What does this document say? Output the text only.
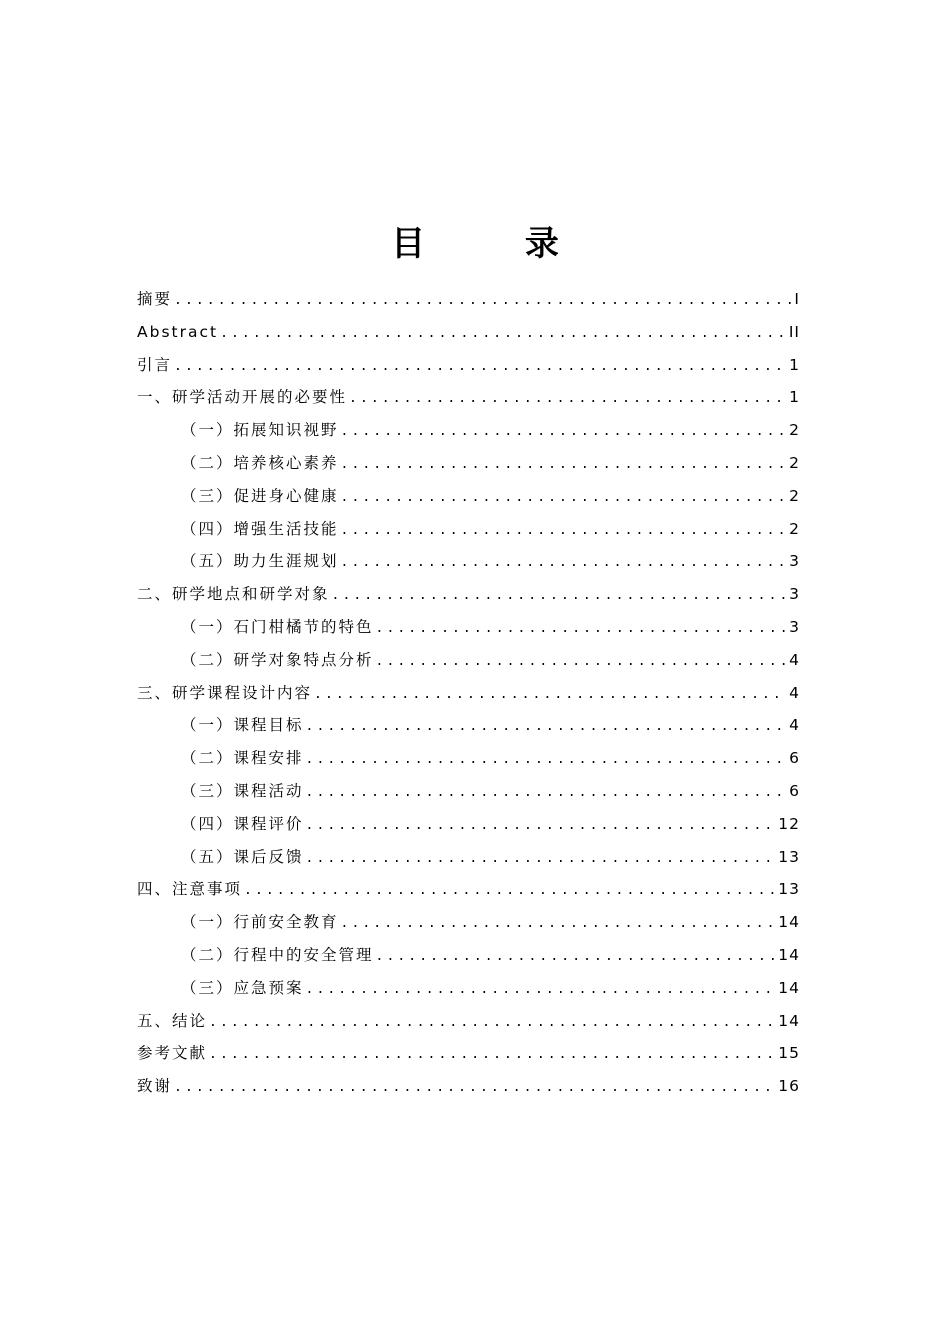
目 录
摘要 .....	I
Abstract .....	II
引言 .....	1
一、研学活动开展的必要性 .....	1
（一）拓展知识视野 .....	2
（二）培养核心素养 .....	2
（三）促进身心健康 .....	2
（四）增强生活技能 .....	2
（五）助力生涯规划 .....	3
二、研学地点和研学对象 .....	3
（一）石门柑橘节的特色 .....	3
（二）研学对象特点分析 .....	4
三、研学课程设计内容 .....	4
（一）课程目标 .....	4
（二）课程安排 .....	6
（三）课程活动 .....	6
（四）课程评价 .....	12
（五）课后反馈 .....	13
四、注意事项 .....	13
（一）行前安全教育 .....	14
（二）行程中的安全管理 .....	14
（三）应急预案 .....	14
五、结论 .....	14
参考文献 .....	15
致谢 .....	16
